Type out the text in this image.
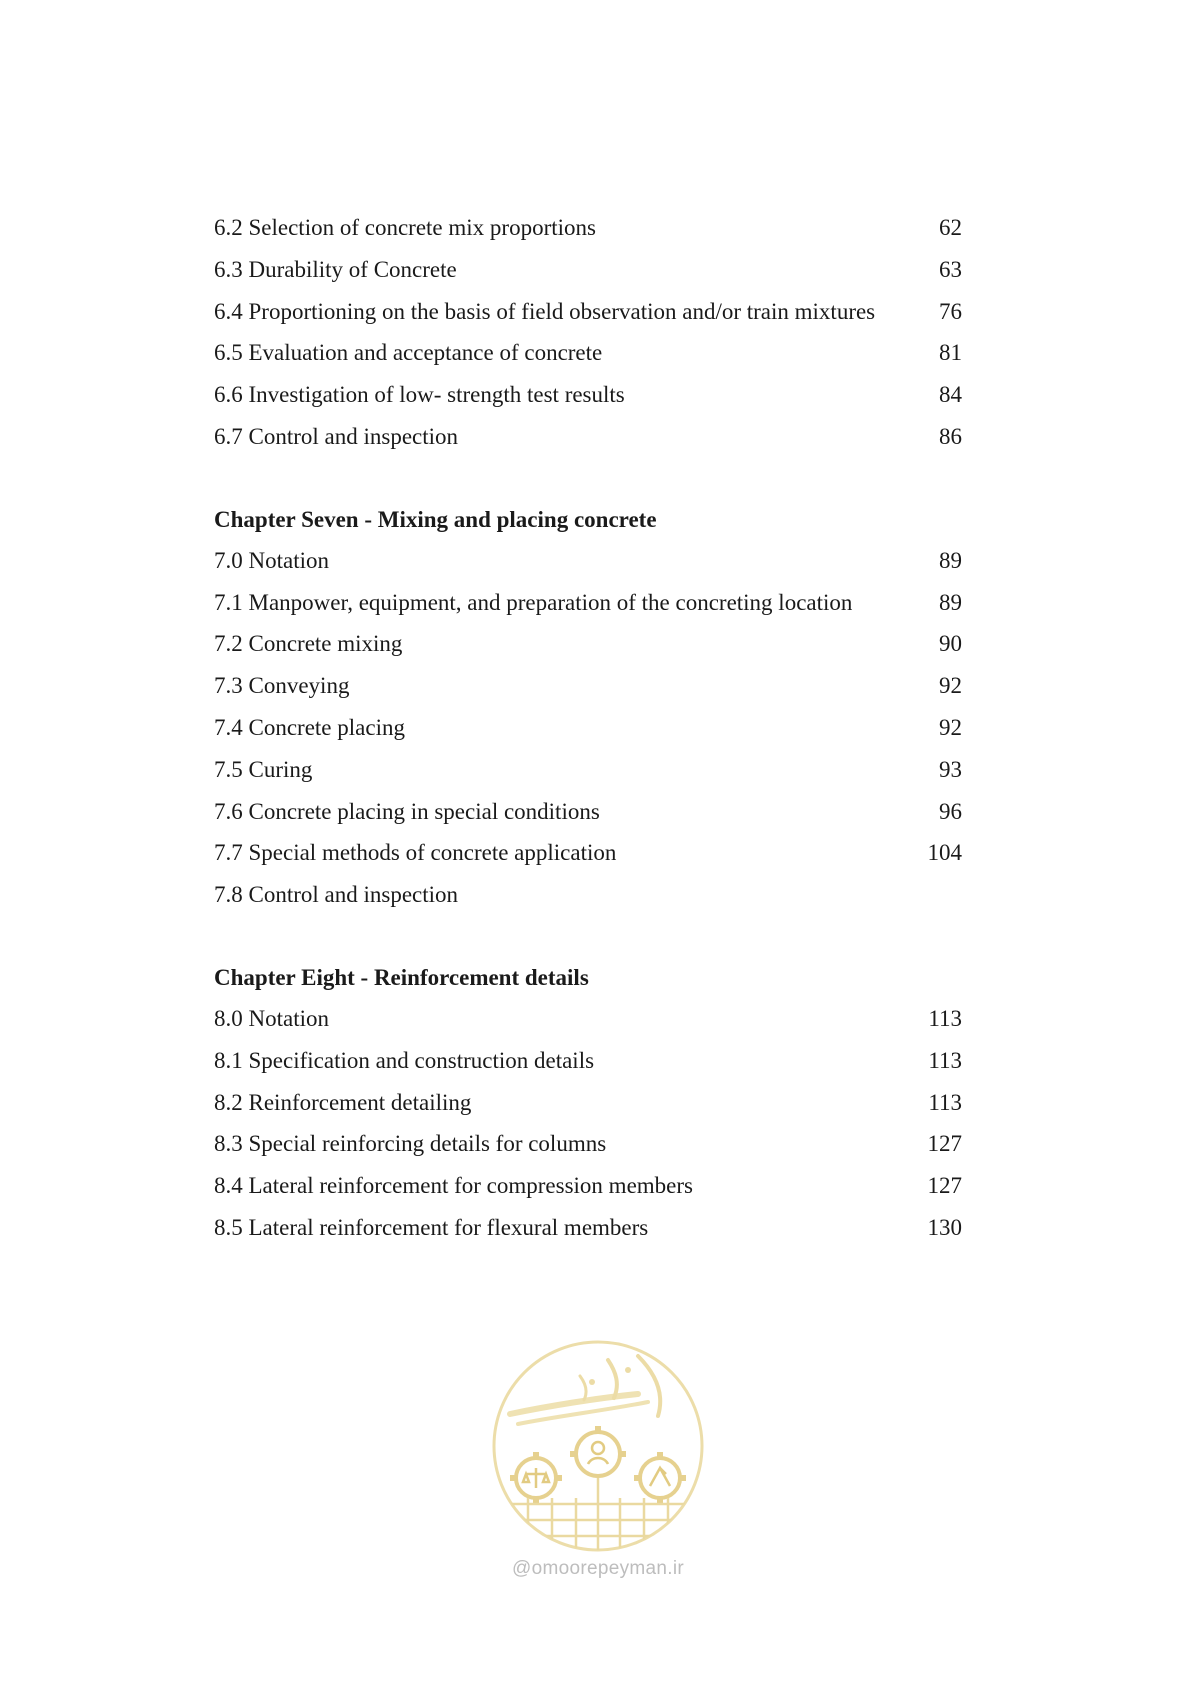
6.2 Selection of concrete mix proportions	62
6.3 Durability of Concrete	63
6.4 Proportioning on the basis of field observation and/or train mixtures	76
6.5 Evaluation and acceptance of concrete	81
6.6 Investigation of low- strength test results	84
6.7 Control and inspection	86
Chapter Seven - Mixing and placing concrete
7.0 Notation	89
7.1 Manpower, equipment, and preparation of the concreting location	89
7.2 Concrete mixing	90
7.3 Conveying	92
7.4 Concrete placing	92
7.5 Curing	93
7.6 Concrete placing in special conditions	96
7.7 Special methods of concrete application	104
7.8 Control and inspection
Chapter Eight - Reinforcement details
8.0 Notation	113
8.1 Specification and construction details	113
8.2 Reinforcement detailing	113
8.3 Special reinforcing details for columns	127
8.4 Lateral reinforcement for compression members	127
8.5 Lateral reinforcement for flexural members	130
@omoorepeyman.ir
